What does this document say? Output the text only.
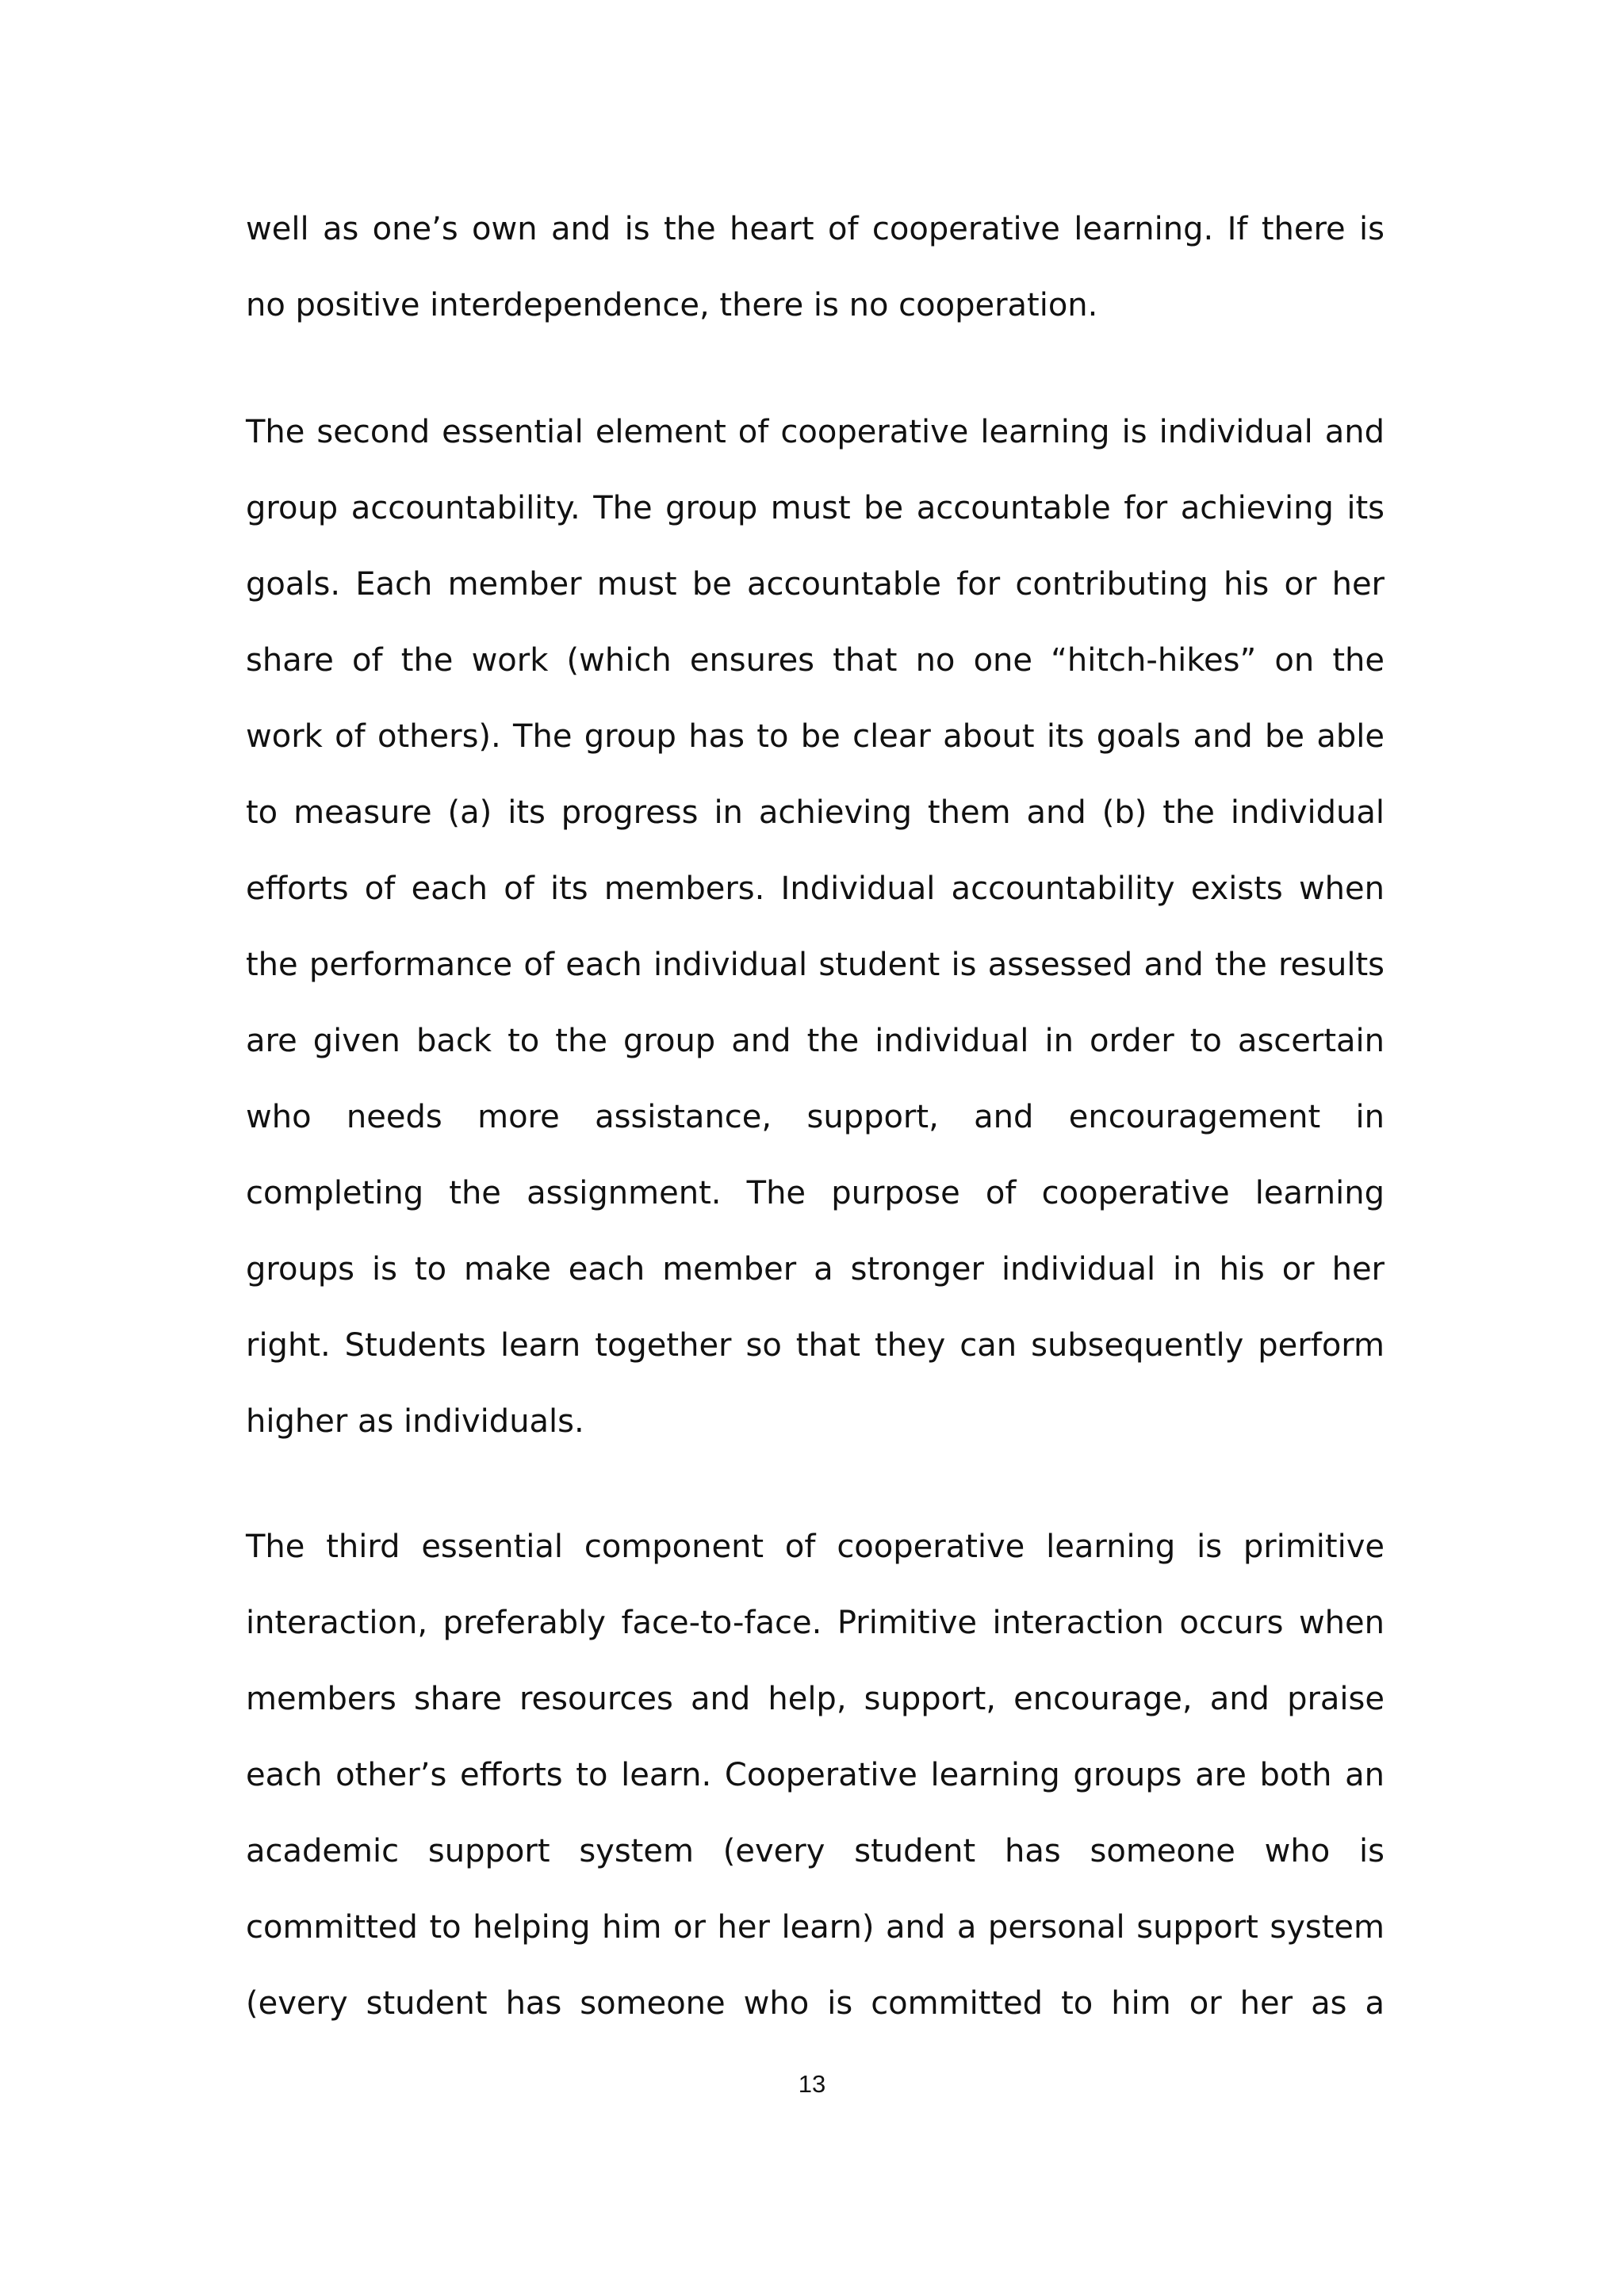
well as one’s own and is the heart of cooperative learning. If there is
no positive interdependence, there is no cooperation.
The second essential element of cooperative learning is individual and
group accountability. The group must be accountable for achieving its
goals. Each member must be accountable for contributing his or her
share of the work (which ensures that no one “hitch-hikes” on the
work of others). The group has to be clear about its goals and be able
to measure (a) its progress in achieving them and (b) the individual
efforts of each of its members. Individual accountability exists when
the performance of each individual student is assessed and the results
are given back to the group and the individual in order to ascertain
who needs more assistance, support, and encouragement in
completing the assignment. The purpose of cooperative learning
groups is to make each member a stronger individual in his or her
right. Students learn together so that they can subsequently perform
higher as individuals.
The third essential component of cooperative learning is primitive
interaction, preferably face-to-face. Primitive interaction occurs when
members share resources and help, support, encourage, and praise
each other’s efforts to learn. Cooperative learning groups are both an
academic support system (every student has someone who is
committed to helping him or her learn) and a personal support system
(every student has someone who is committed to him or her as a
13
